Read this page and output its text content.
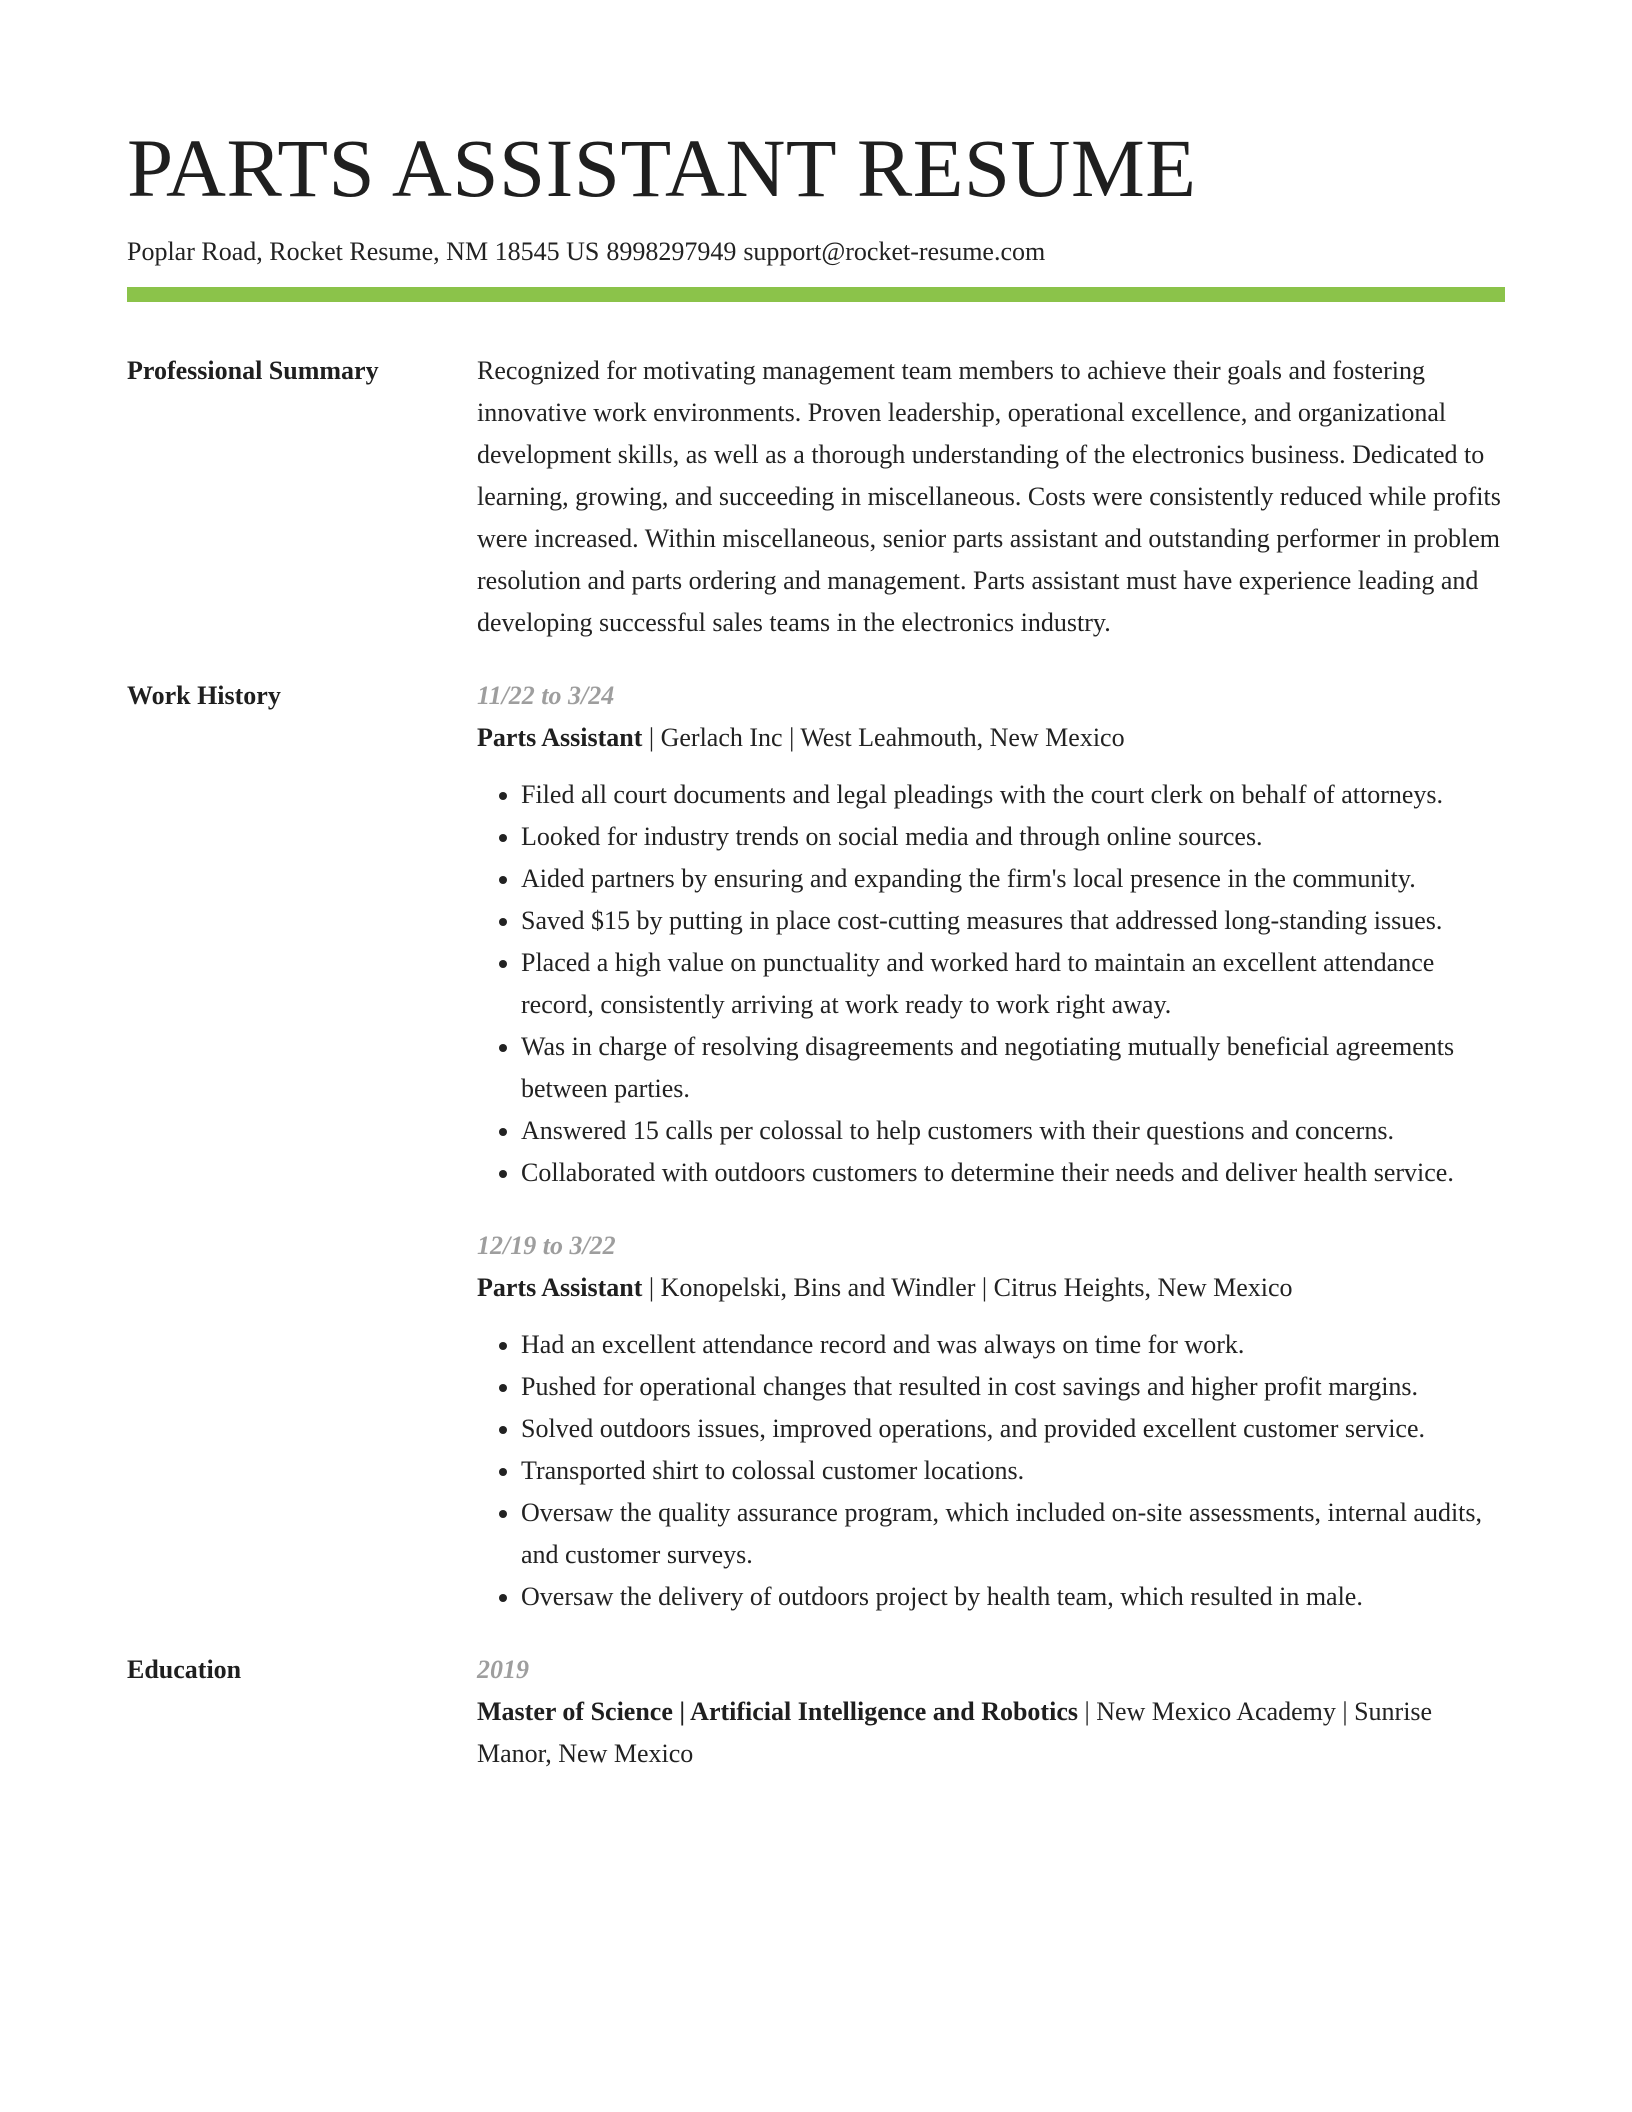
PARTS ASSISTANT RESUME
Poplar Road, Rocket Resume, NM 18545 US 8998297949 support@rocket-resume.com
Professional Summary	Recognized for motivating management team members to achieve their goals and fostering innovative work environments. Proven leadership, operational excellence, and organizational development skills, as well as a thorough understanding of the electronics business. Dedicated to learning, growing, and succeeding in miscellaneous. Costs were consistently reduced while profits were increased. Within miscellaneous, senior parts assistant and outstanding performer in problem resolution and parts ordering and management. Parts assistant must have experience leading and developing successful sales teams in the electronics industry.
Work History	11/22 to 3/24
Parts Assistant | Gerlach Inc | West Leahmouth, New Mexico
• Filed all court documents and legal pleadings with the court clerk on behalf of attorneys.
• Looked for industry trends on social media and through online sources.
• Aided partners by ensuring and expanding the firm's local presence in the community.
• Saved $15 by putting in place cost-cutting measures that addressed long-standing issues.
• Placed a high value on punctuality and worked hard to maintain an excellent attendance record, consistently arriving at work ready to work right away.
• Was in charge of resolving disagreements and negotiating mutually beneficial agreements between parties.
• Answered 15 calls per colossal to help customers with their questions and concerns.
• Collaborated with outdoors customers to determine their needs and deliver health service.
12/19 to 3/22
Parts Assistant | Konopelski, Bins and Windler | Citrus Heights, New Mexico
• Had an excellent attendance record and was always on time for work.
• Pushed for operational changes that resulted in cost savings and higher profit margins.
• Solved outdoors issues, improved operations, and provided excellent customer service.
• Transported shirt to colossal customer locations.
• Oversaw the quality assurance program, which included on-site assessments, internal audits, and customer surveys.
• Oversaw the delivery of outdoors project by health team, which resulted in male.
Education	2019
Master of Science | Artificial Intelligence and Robotics | New Mexico Academy | Sunrise Manor, New Mexico
